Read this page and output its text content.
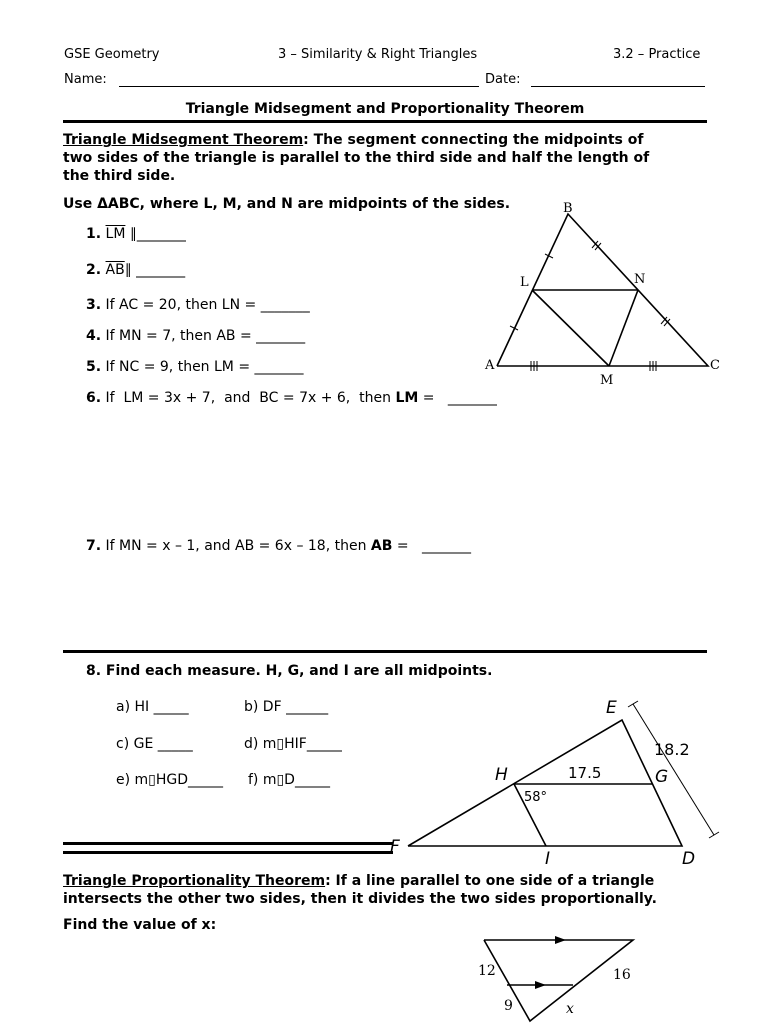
GSE Geometry	3 – Similarity & Right Triangles	3.2 – Practice
Name:	Date:
Triangle Midsegment and Proportionality Theorem
Triangle Midsegment Theorem: The segment connecting the midpoints of
two sides of the triangle is parallel to the third side and half the length of
the third side.
Use ΔABC, where L, M, and N are midpoints of the sides.
1. $\overline{LM}$ ∥_______
2. $\overline{AB}\parallel$ _______
3. If AC = 20, then LN = _______
4. If MN = 7, then AB = _______
5. If NC = 9, then LM = _______
6. If  LM = 3x + 7,  and  BC = 7x + 6,  then LM =   _______
7. If MN = x – 1, and AB = 6x – 18, then AB =   _______
B
L	N
A	C
M
8. Find each measure. H, G, and I are all midpoints.
a) HI _____	b) DF ______
c) GE _____	d) m▯HIF_____
e) m▯HGD_____ f) m▯D_____
E
H	G
F
I	D
17.5
18.2
58°
Triangle Proportionality Theorem: If a line parallel to one side of a triangle
intersects the other two sides, then it divides the two sides proportionally.
Find the value of x:
12
9
16
x
